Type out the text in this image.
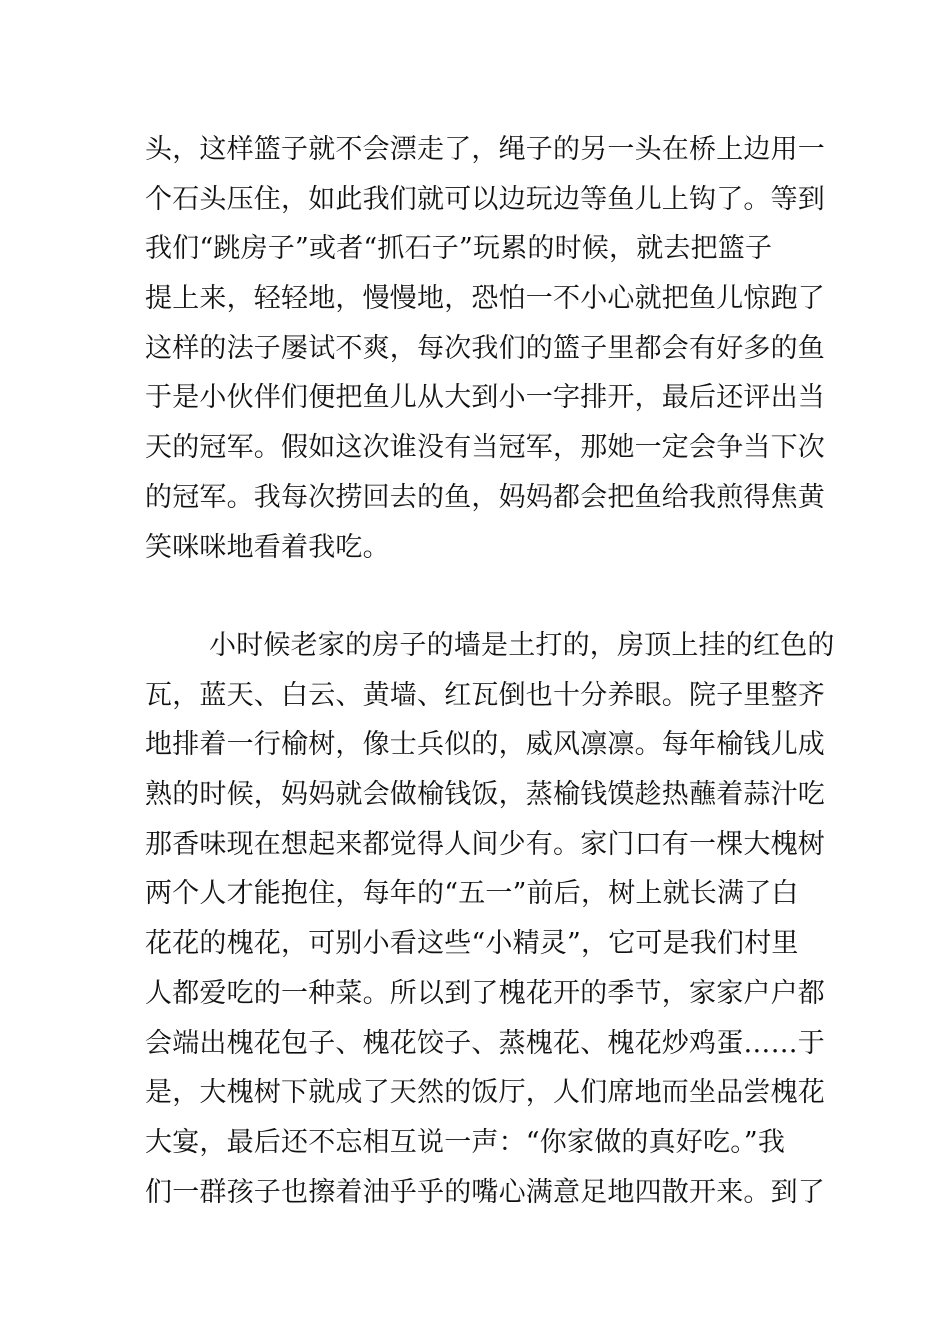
头，这样篮子就不会漂走了，绳子的另一头在桥上边用一
个石头压住，如此我们就可以边玩边等鱼儿上钩了。等到
我们“跳房子”或者“抓石子”玩累的时候，就去把篮子
提上来，轻轻地，慢慢地，恐怕一不小心就把鱼儿惊跑了
这样的法子屡试不爽，每次我们的篮子里都会有好多的鱼
于是小伙伴们便把鱼儿从大到小一字排开，最后还评出当
天的冠军。假如这次谁没有当冠军，那她一定会争当下次
的冠军。我每次捞回去的鱼，妈妈都会把鱼给我煎得焦黄
笑咪咪地看着我吃。
小时候老家的房子的墙是土打的，房顶上挂的红色的
瓦，蓝天、白云、黄墙、红瓦倒也十分养眼。院子里整齐
地排着一行榆树，像士兵似的，威风凛凛。每年榆钱儿成
熟的时候，妈妈就会做榆钱饭，蒸榆钱馍趁热蘸着蒜汁吃
那香味现在想起来都觉得人间少有。家门口有一棵大槐树
两个人才能抱住，每年的“五一”前后，树上就长满了白
花花的槐花，可别小看这些“小精灵”，它可是我们村里
人都爱吃的一种菜。所以到了槐花开的季节，家家户户都
会端出槐花包子、槐花饺子、蒸槐花、槐花炒鸡蛋……于
是，大槐树下就成了天然的饭厅，人们席地而坐品尝槐花
大宴，最后还不忘相互说一声：“你家做的真好吃。”我
们一群孩子也擦着油乎乎的嘴心满意足地四散开来。到了
